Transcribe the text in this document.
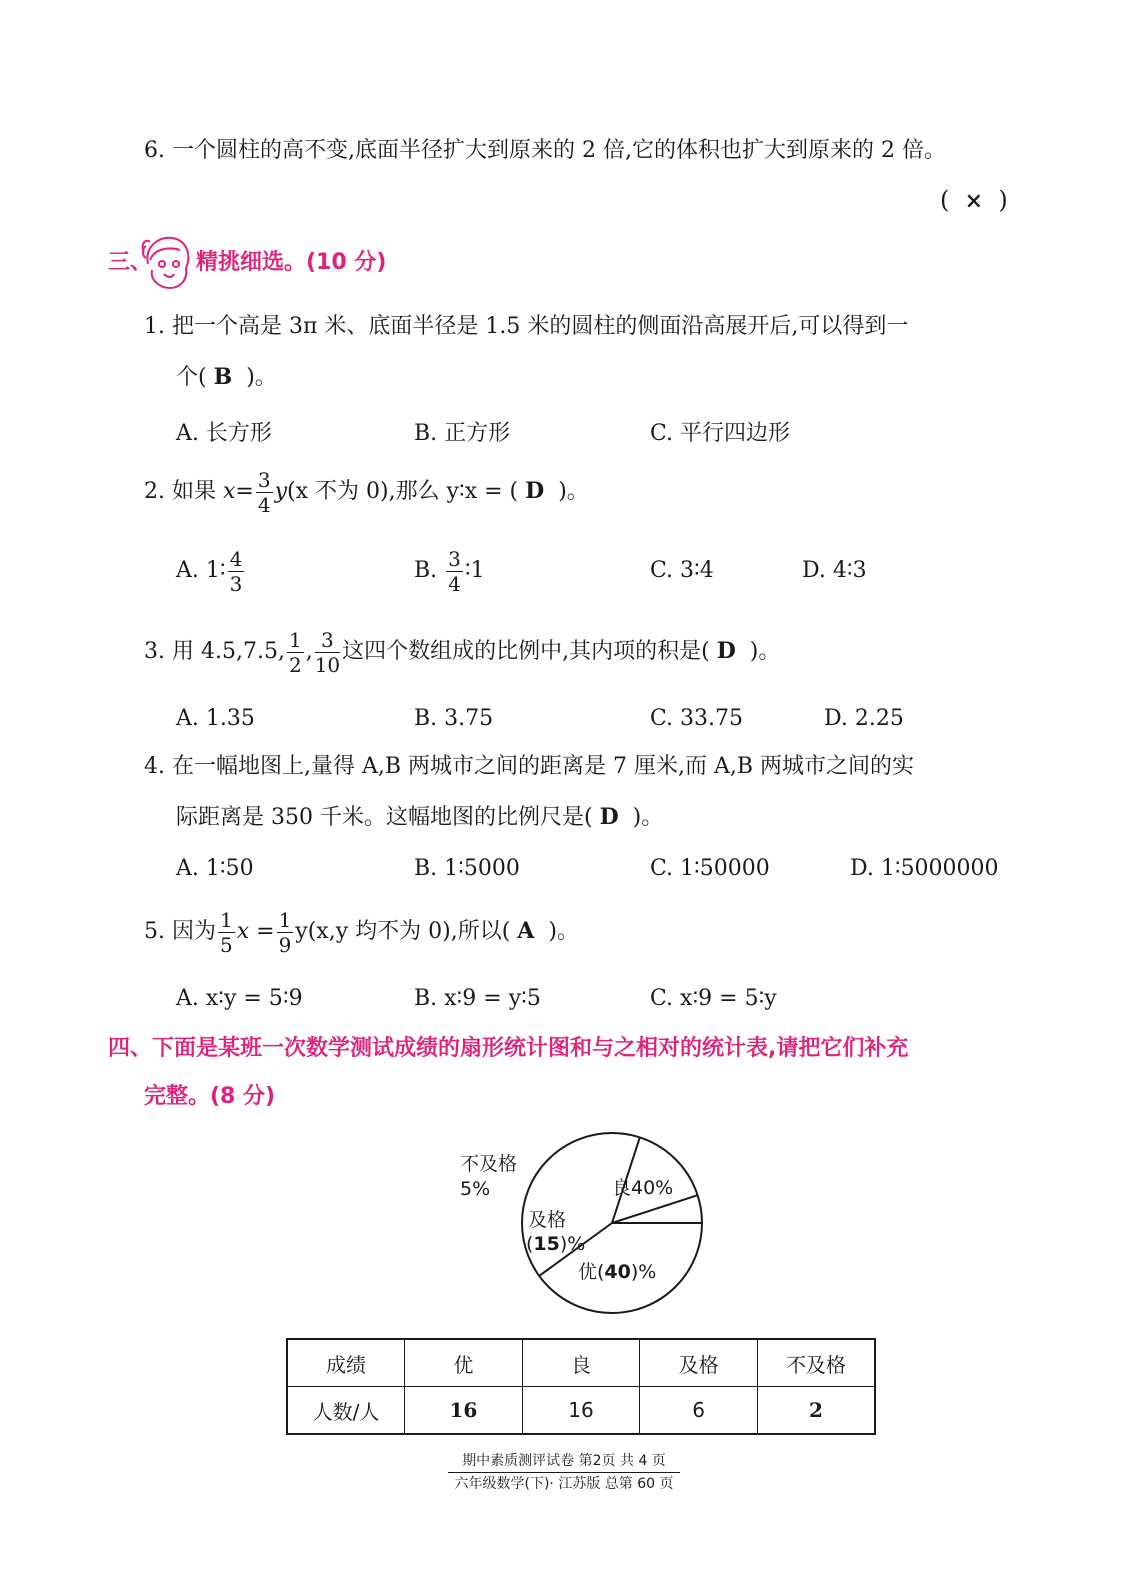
6. 一个圆柱的高不变,底面半径扩大到原来的 2 倍,它的体积也扩大到原来的 2 倍。
( × )
三、 精挑细选。(10 分)
1. 把一个高是 3π 米、底面半径是 1.5 米的圆柱的侧面沿高展开后,可以得到一
个( B )。
A. 长方形	B. 正方形	C. 平行四边形
2. 如果 $x= \frac{3}{4} y(x$ 不为 0),那么 y∶x = ( D )。
A. 1∶ $\frac{4}{3}$	B. $\frac{3}{4}$ ∶1	C. 3∶4	D. 4∶3
3. 用 4.5,7.5, $\frac{1}{2}$ , $\frac{3}{10}$ 这四个数组成的比例中,其内项的积是( D )。
A. 1.35	B. 3.75	C. 33.75	D. 2.25
4. 在一幅地图上,量得 A,B 两城市之间的距离是 7 厘米,而 A,B 两城市之间的实
际距离是 350 千米。这幅地图的比例尺是( D )。
A. 1∶50	B. 1∶5000	C. 1∶50000	D. 1∶5000000
5. 因为 $\frac{1}{5}$ $x = \frac{1}{9} y(x,y$ 均不为 0),所以( A )。
A. x∶y = 5∶9	B. x∶9 = y∶5	C. x∶9 = 5∶y
四、下面是某班一次数学测试成绩的扇形统计图和与之相对的统计表,请把它们补充
完整。(8 分)
不及格
5%	良40%
及格
(15)%
优(40)%
成绩	优	良	及格	不及格
人数/人	16	16	6	2
期中素质测评试卷 第2页 共 4 页
六年级数学(下)· 江苏版 总第 60 页
